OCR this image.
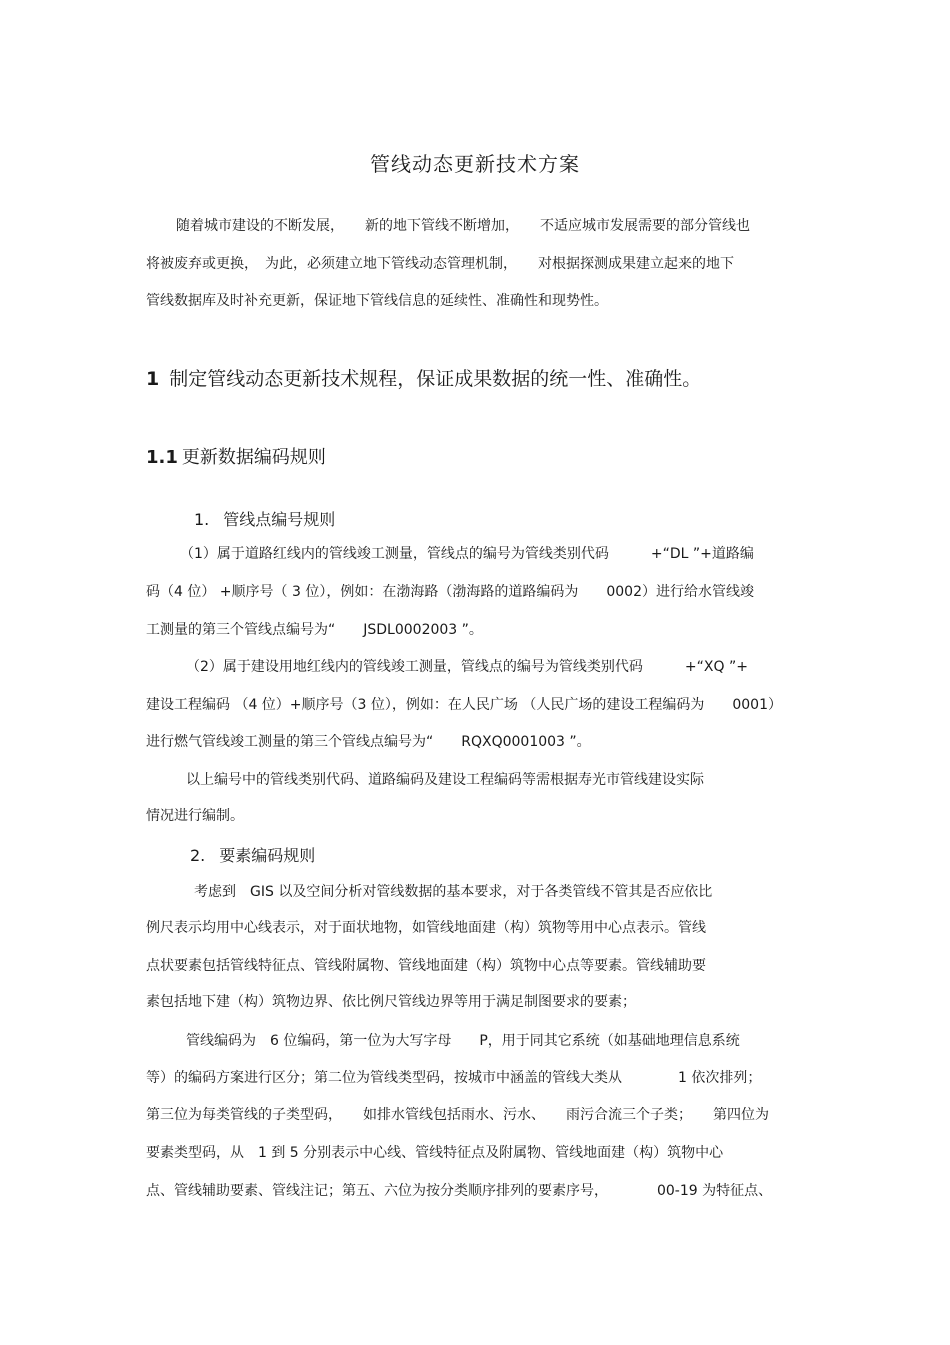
管线动态更新技术方案

随着城市建设的不断发展，　　新的地下管线不断增加，　　不适应城市发展需要的部分管线也

将被废弃或更换，　为此，必须建立地下管线动态管理机制，　　对根据探测成果建立起来的地下

管线数据库及时补充更新，保证地下管线信息的延续性、准确性和现势性。

1 制定管线动态更新技术规程，保证成果数据的统一性、准确性。
1.1 更新数据编码规则
1. 管线点编号规则

（1）属于道路红线内的管线竣工测量，管线点的编号为管线类别代码　　　+“DL ”+道路编

码（4 位） +顺序号（ 3 位），例如：在渤海路（渤海路的道路编码为　　0002）进行给水管线竣

工测量的第三个管线点编号为“　　JSDL0002003 ”。

（2）属于建设用地红线内的管线竣工测量，管线点的编号为管线类别代码　　　+“XQ ”+

建设工程编码 （4 位）+顺序号（3 位），例如：在人民广场 （人民广场的建设工程编码为　　0001）

进行燃气管线竣工测量的第三个管线点编号为“　　RQXQ0001003 ”。

以上编号中的管线类别代码、道路编码及建设工程编码等需根据寿光市管线建设实际

情况进行编制。

2. 要素编码规则

考虑到　GIS 以及空间分析对管线数据的基本要求，对于各类管线不管其是否应依比

例尺表示均用中心线表示，对于面状地物，如管线地面建（构）筑物等用中心点表示。管线

点状要素包括管线特征点、管线附属物、管线地面建（构）筑物中心点等要素。管线辅助要

素包括地下建（构）筑物边界、依比例尺管线边界等用于满足制图要求的要素；

管线编码为　6 位编码，第一位为大写字母　　P，用于同其它系统（如基础地理信息系统

等）的编码方案进行区分；第二位为管线类型码，按城市中涵盖的管线大类从　　　　1 依次排列；

第三位为每类管线的子类型码，　　如排水管线包括雨水、污水、　　雨污合流三个子类；　　第四位为

要素类型码，从　1 到 5 分别表示中心线、管线特征点及附属物、管线地面建（构）筑物中心

点、管线辅助要素、管线注记；第五、六位为按分类顺序排列的要素序号，　　　　00-19 为特征点、
